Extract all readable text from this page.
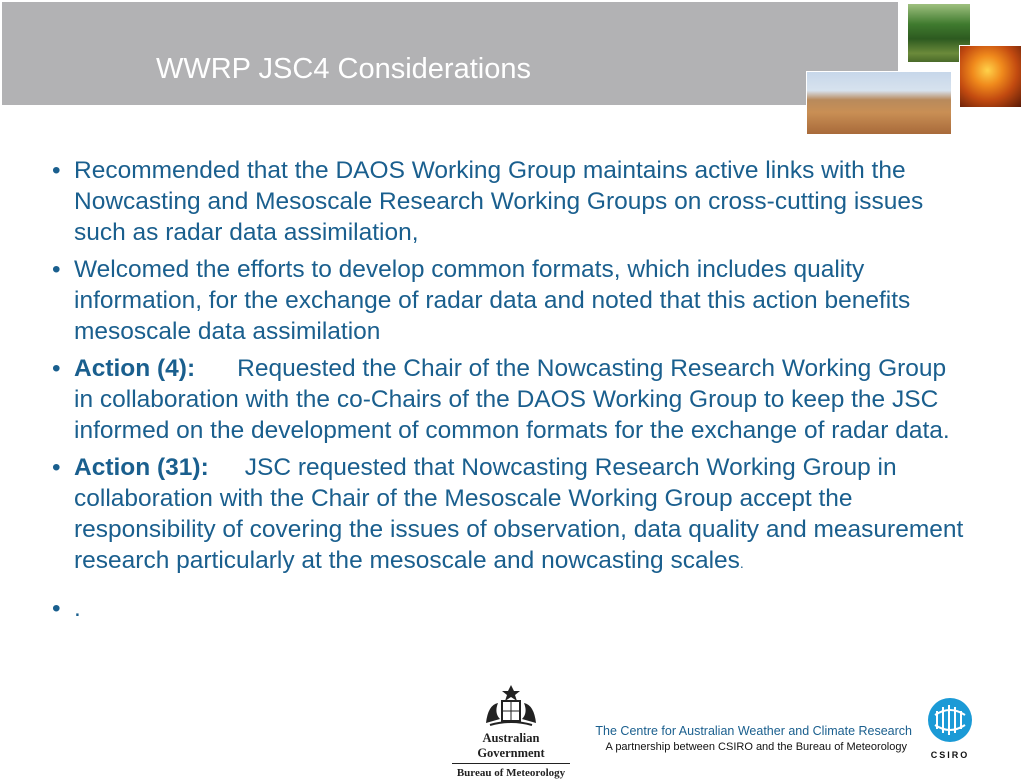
WWRP JSC4 Considerations
• Recommended that the DAOS Working Group maintains active links with the Nowcasting and Mesoscale Research Working Groups on cross-cutting issues such as radar data assimilation,
• Welcomed the efforts to develop common formats, which includes quality information, for the exchange of radar data and noted that this action benefits mesoscale data assimilation
• Action (4): Requested the Chair of the Nowcasting Research Working Group in collaboration with the co-Chairs of the DAOS Working Group to keep the JSC informed on the development of common formats for the exchange of radar data.
• Action (31): JSC requested that Nowcasting Research Working Group in collaboration with the Chair of the Mesoscale Working Group accept the responsibility of covering the issues of observation, data quality and measurement research particularly at the mesoscale and nowcasting scales.
• .
Australian Government
Bureau of Meteorology
The Centre for Australian Weather and Climate Research
A partnership between CSIRO and the Bureau of Meteorology
CSIRO
